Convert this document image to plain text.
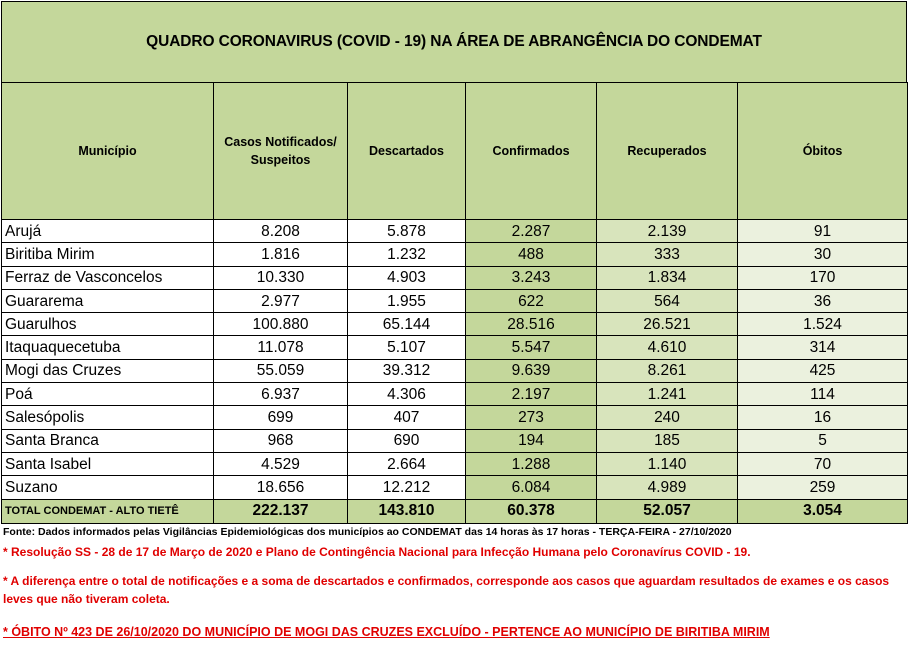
QUADRO CORONAVIRUS (COVID - 19) NA ÁREA DE ABRANGÊNCIA DO CONDEMAT
Município	Casos Notificados/ Suspeitos	Descartados	Confirmados	Recuperados	Óbitos
Arujá	8.208	5.878	2.287	2.139	91
Biritiba Mirim	1.816	1.232	488	333	30
Ferraz de Vasconcelos	10.330	4.903	3.243	1.834	170
Guararema	2.977	1.955	622	564	36
Guarulhos	100.880	65.144	28.516	26.521	1.524
Itaquaquecetuba	11.078	5.107	5.547	4.610	314
Mogi das Cruzes	55.059	39.312	9.639	8.261	425
Poá	6.937	4.306	2.197	1.241	114
Salesópolis	699	407	273	240	16
Santa Branca	968	690	194	185	5
Santa Isabel	4.529	2.664	1.288	1.140	70
Suzano	18.656	12.212	6.084	4.989	259
TOTAL CONDEMAT - ALTO TIETÊ	222.137	143.810	60.378	52.057	3.054
Fonte: Dados informados pelas Vigilâncias Epidemiológicas dos municípios ao CONDEMAT das 14 horas às 17 horas - TERÇA-FEIRA - 27/10/2020
* Resolução SS - 28 de 17 de Março de 2020 e Plano de Contingência Nacional para Infecção Humana pelo Coronavírus COVID - 19.
* A diferença entre o total de notificações e a soma de descartados e confirmados, corresponde aos casos que aguardam resultados de exames e os casos leves que não tiveram coleta.
* ÓBITO Nº 423 DE 26/10/2020 DO MUNICÍPIO DE MOGI DAS CRUZES EXCLUÍDO - PERTENCE AO MUNICÍPIO DE BIRITIBA MIRIM
